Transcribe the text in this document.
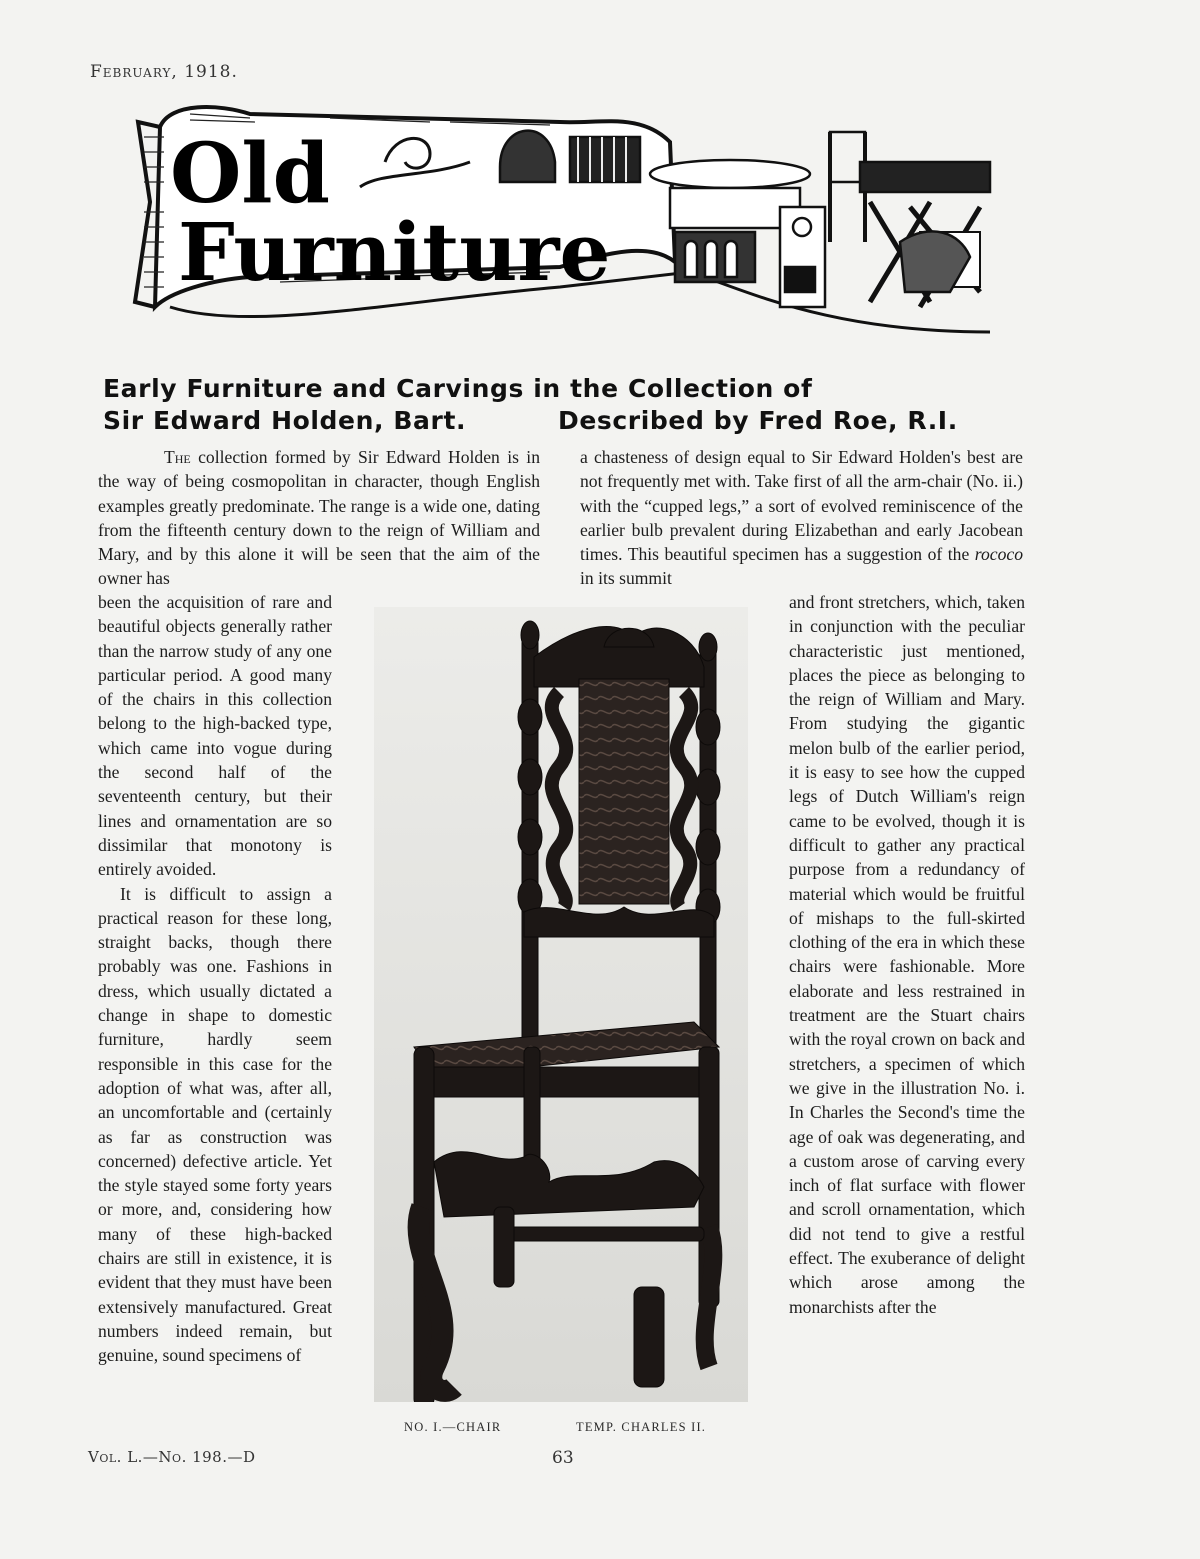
February, 1918.
Old
Furniture
Early Furniture and Carvings in the Collection of
Sir Edward Holden, Bart.	Described by Fred Roe, R.I.

The collection formed by Sir Edward Holden is in the way of being cosmopolitan in character, though English examples greatly predominate. The range is a wide one, dating from the fifteenth century down to the reign of William and Mary, and by this alone it will be seen that the aim of the owner has

been the acquisition of rare and beautiful objects generally rather than the narrow study of any one particular period. A good many of the chairs in this collection belong to the high-backed type, which came into vogue during the second half of the seventeenth century, but their lines and ornamentation are so dissimilar that monotony is entirely avoided.

It is difficult to assign a practical reason for these long, straight backs, though there probably was one. Fashions in dress, which usually dictated a change in shape to domestic furniture, hardly seem responsible in this case for the adoption of what was, after all, an uncomfortable and (certainly as far as construction was concerned) defective article. Yet the style stayed some forty years or more, and, considering how many of these high-backed chairs are still in existence, it is evident that they must have been extensively manufactured. Great numbers indeed remain, but genuine, sound specimens of

a chasteness of design equal to Sir Edward Holden's best are not frequently met with. Take first of all the arm-chair (No. ii.) with the “cupped legs,” a sort of evolved reminiscence of the earlier bulb prevalent during Elizabethan and early Jacobean times. This beautiful specimen has a suggestion of the rococo in its summit

and front stretchers, which, taken in conjunction with the peculiar characteristic just mentioned, places the piece as belonging to the reign of William and Mary. From studying the gigantic melon bulb of the earlier period, it is easy to see how the cupped legs of Dutch William's reign came to be evolved, though it is difficult to gather any practical purpose from a redundancy of material which would be fruitful of mishaps to the full-skirted clothing of the era in which these chairs were fashionable. More elaborate and less restrained in treatment are the Stuart chairs with the royal crown on back and stretchers, a specimen of which we give in the illustration No. i. In Charles the Second's time the age of oak was degenerating, and a custom arose of carving every inch of flat surface with flower and scroll ornamentation, which did not tend to give a restful effect. The exuberance of delight which arose among the monarchists after the

NO. I.—CHAIR	TEMP. CHARLES II.
Vol. L.—No. 198.—D	63
